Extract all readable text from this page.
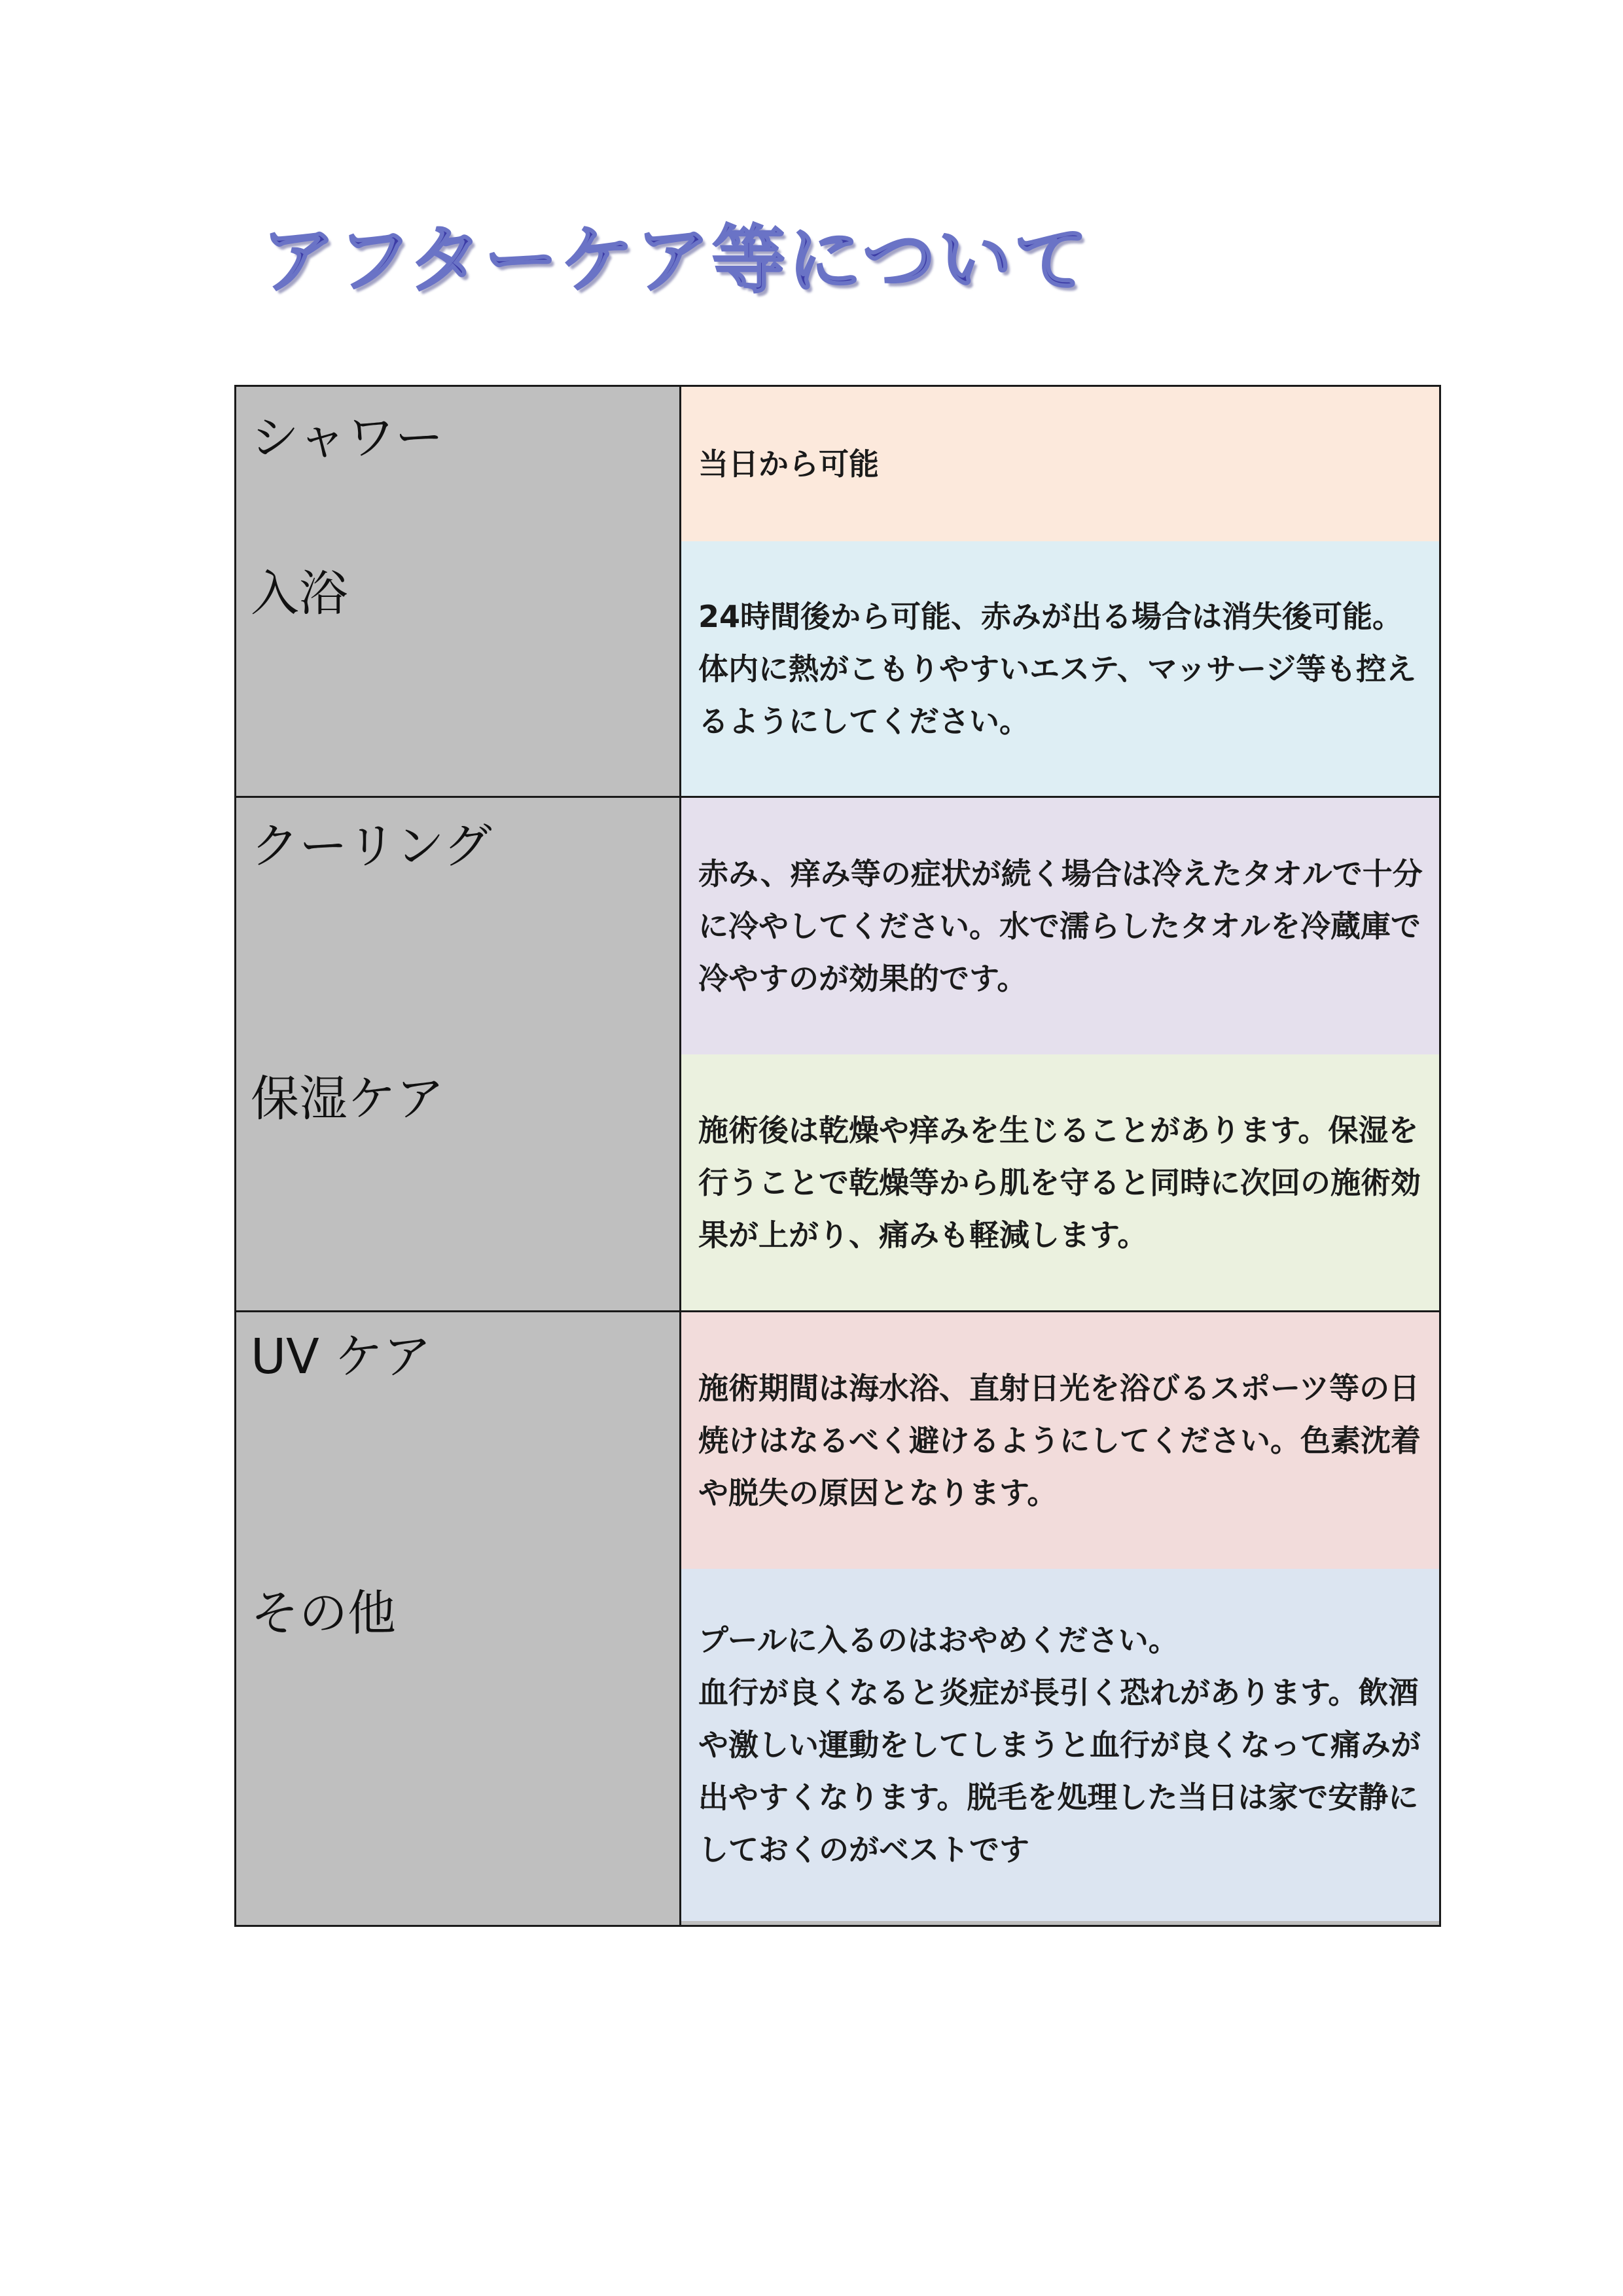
アフターケア等について
シャワー
入浴
当日から可能
24時間後から可能、赤みが出る場合は消失後可能。体内に熱がこもりやすいエステ、マッサージ等も控えるようにしてください。
クーリング
保湿ケア
赤み、痒み等の症状が続く場合は冷えたタオルで十分に冷やしてください。水で濡らしたタオルを冷蔵庫で冷やすのが効果的です。
施術後は乾燥や痒みを生じることがあります。保湿を行うことで乾燥等から肌を守ると同時に次回の施術効果が上がり、痛みも軽減します。
UV ケア
その他
施術期間は海水浴、直射日光を浴びるスポーツ等の日焼けはなるべく避けるようにしてください。色素沈着や脱失の原因となります。
プールに入るのはおやめください。
血行が良くなると炎症が長引く恐れがあります。飲酒や激しい運動をしてしまうと血行が良くなって痛みが出やすくなります。脱毛を処理した当日は家で安静にしておくのがベストです
